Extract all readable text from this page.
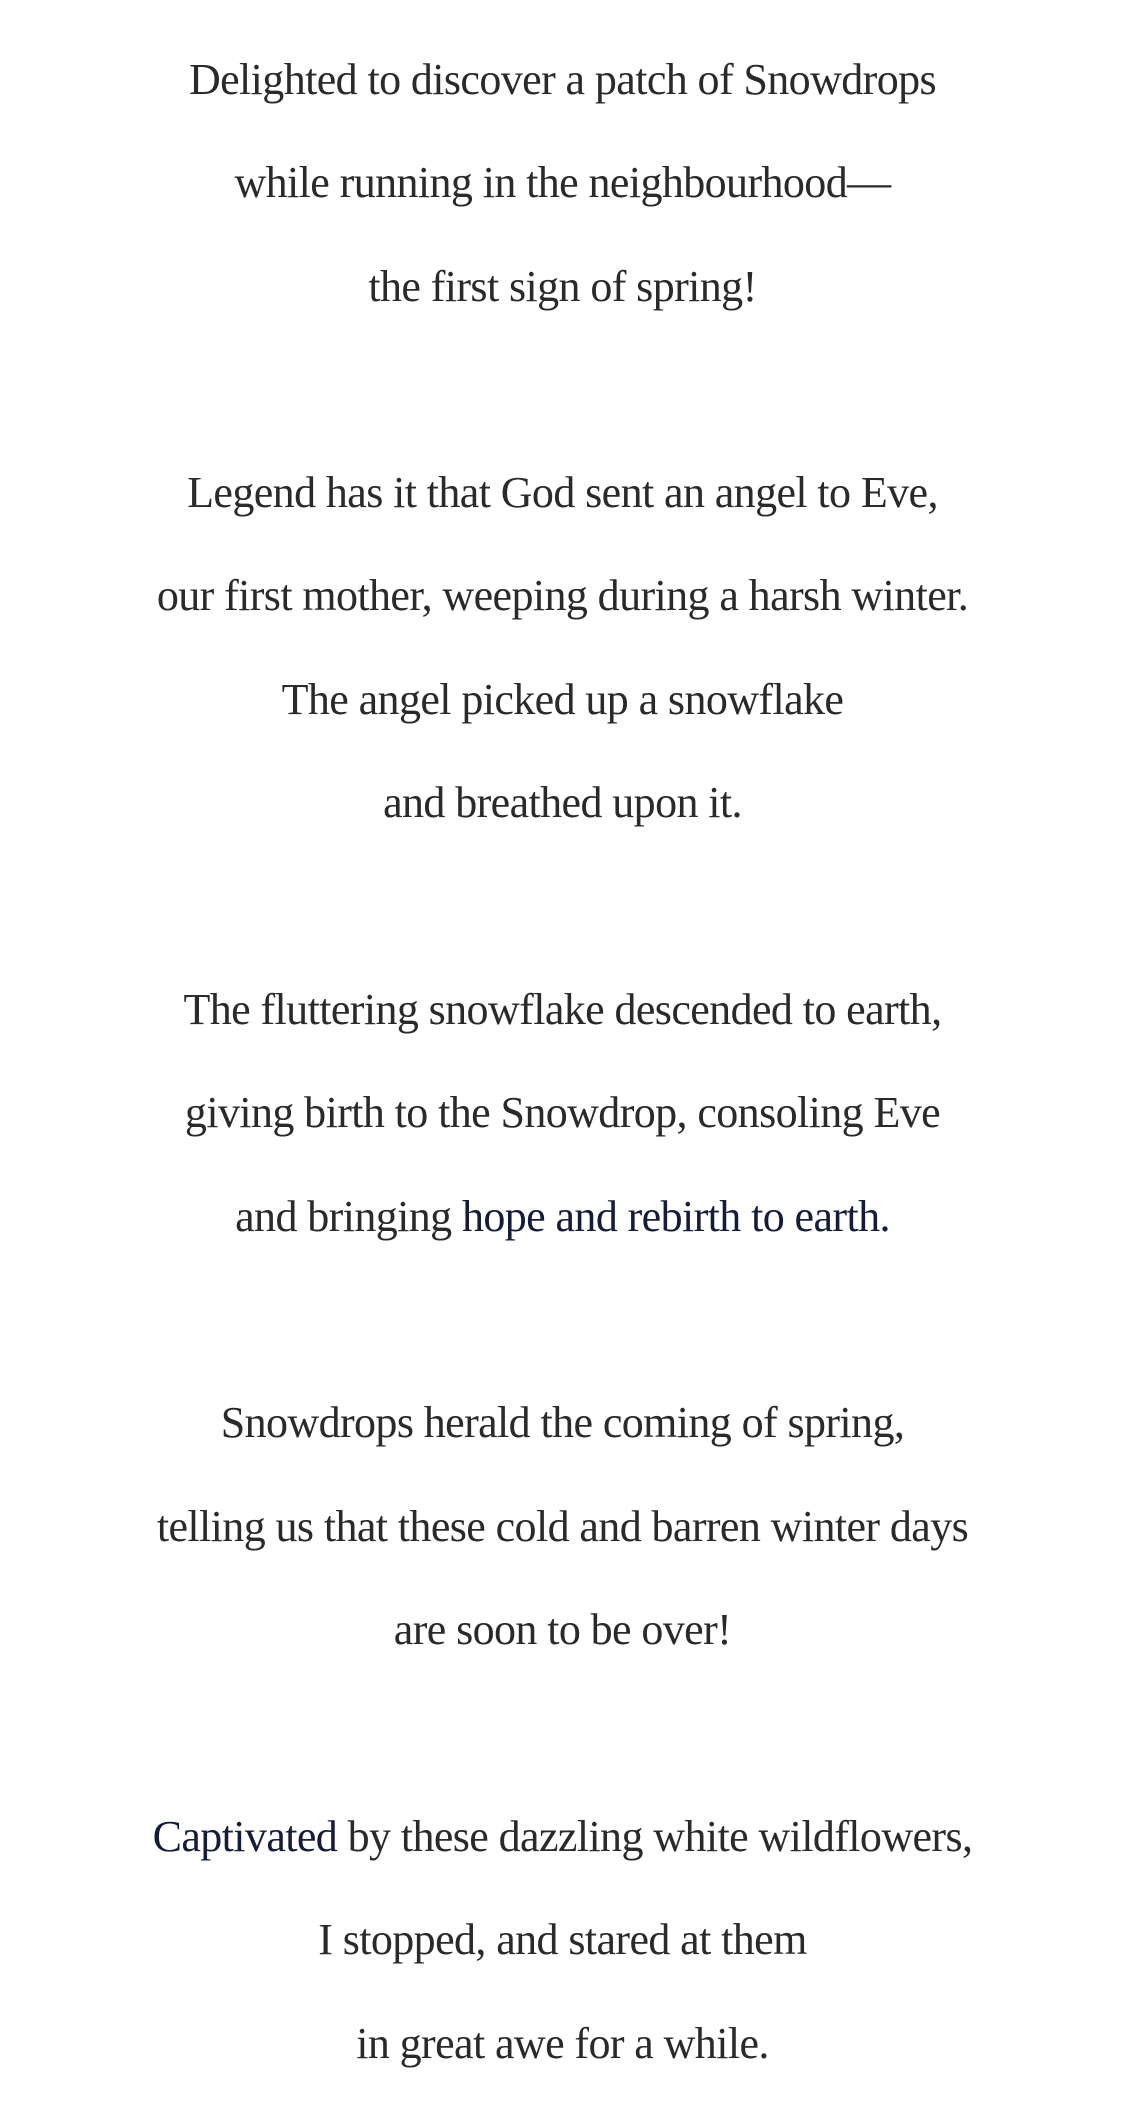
Delighted to discover a patch of Snowdrops
while running in the neighbourhood—
the first sign of spring!
Legend has it that God sent an angel to Eve,
our first mother, weeping during a harsh winter.
The angel picked up a snowflake
and breathed upon it.
The fluttering snowflake descended to earth,
giving birth to the Snowdrop, consoling Eve
and bringing hope and rebirth to earth.
Snowdrops herald the coming of spring,
telling us that these cold and barren winter days
are soon to be over!
Captivated by these dazzling white wildflowers,
I stopped, and stared at them
in great awe for a while.
